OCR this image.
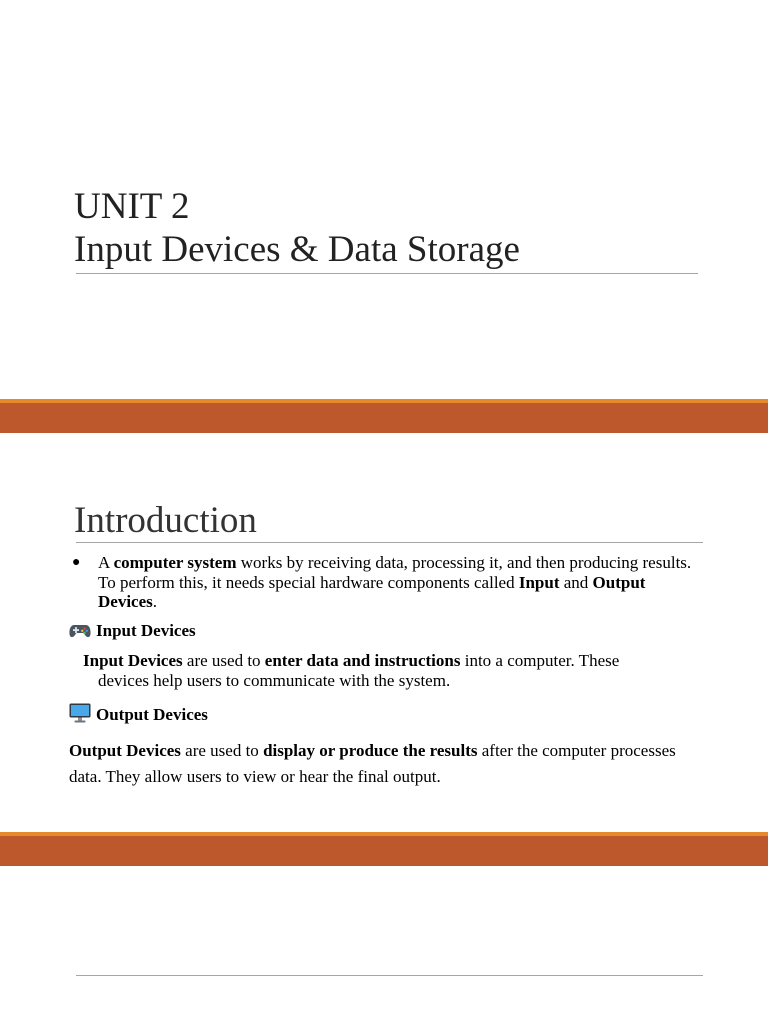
UNIT 2
Input Devices & Data Storage
Introduction
● A computer system works by receiving data, processing it, and then producing results. To perform this, it needs special hardware components called Input and Output Devices.
Input Devices
Input Devices are used to enter data and instructions into a computer. These
devices help users to communicate with the system.
Output Devices
Output Devices are used to display or produce the results after the computer processes data. They allow users to view or hear the final output.
